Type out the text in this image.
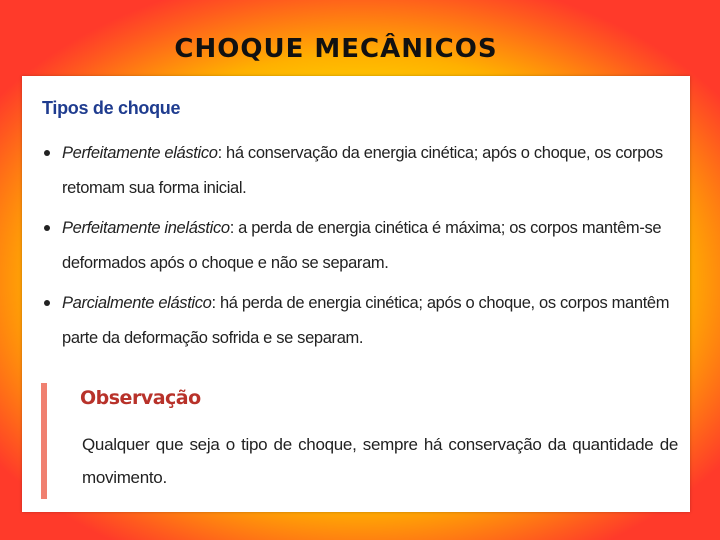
CHOQUE MECÂNICOS
Tipos de choque
Perfeitamente elástico: há conservação da energia cinética; após o choque, os corpos retomam sua forma inicial.
Perfeitamente inelástico: a perda de energia cinética é máxima; os corpos mantêm-se deformados após o choque e não se separam.
Parcialmente elástico: há perda de energia cinética; após o choque, os corpos mantêm parte da deformação sofrida e se separam.
Observação
Qualquer que seja o tipo de choque, sempre há conservação da quantidade de movimento.
